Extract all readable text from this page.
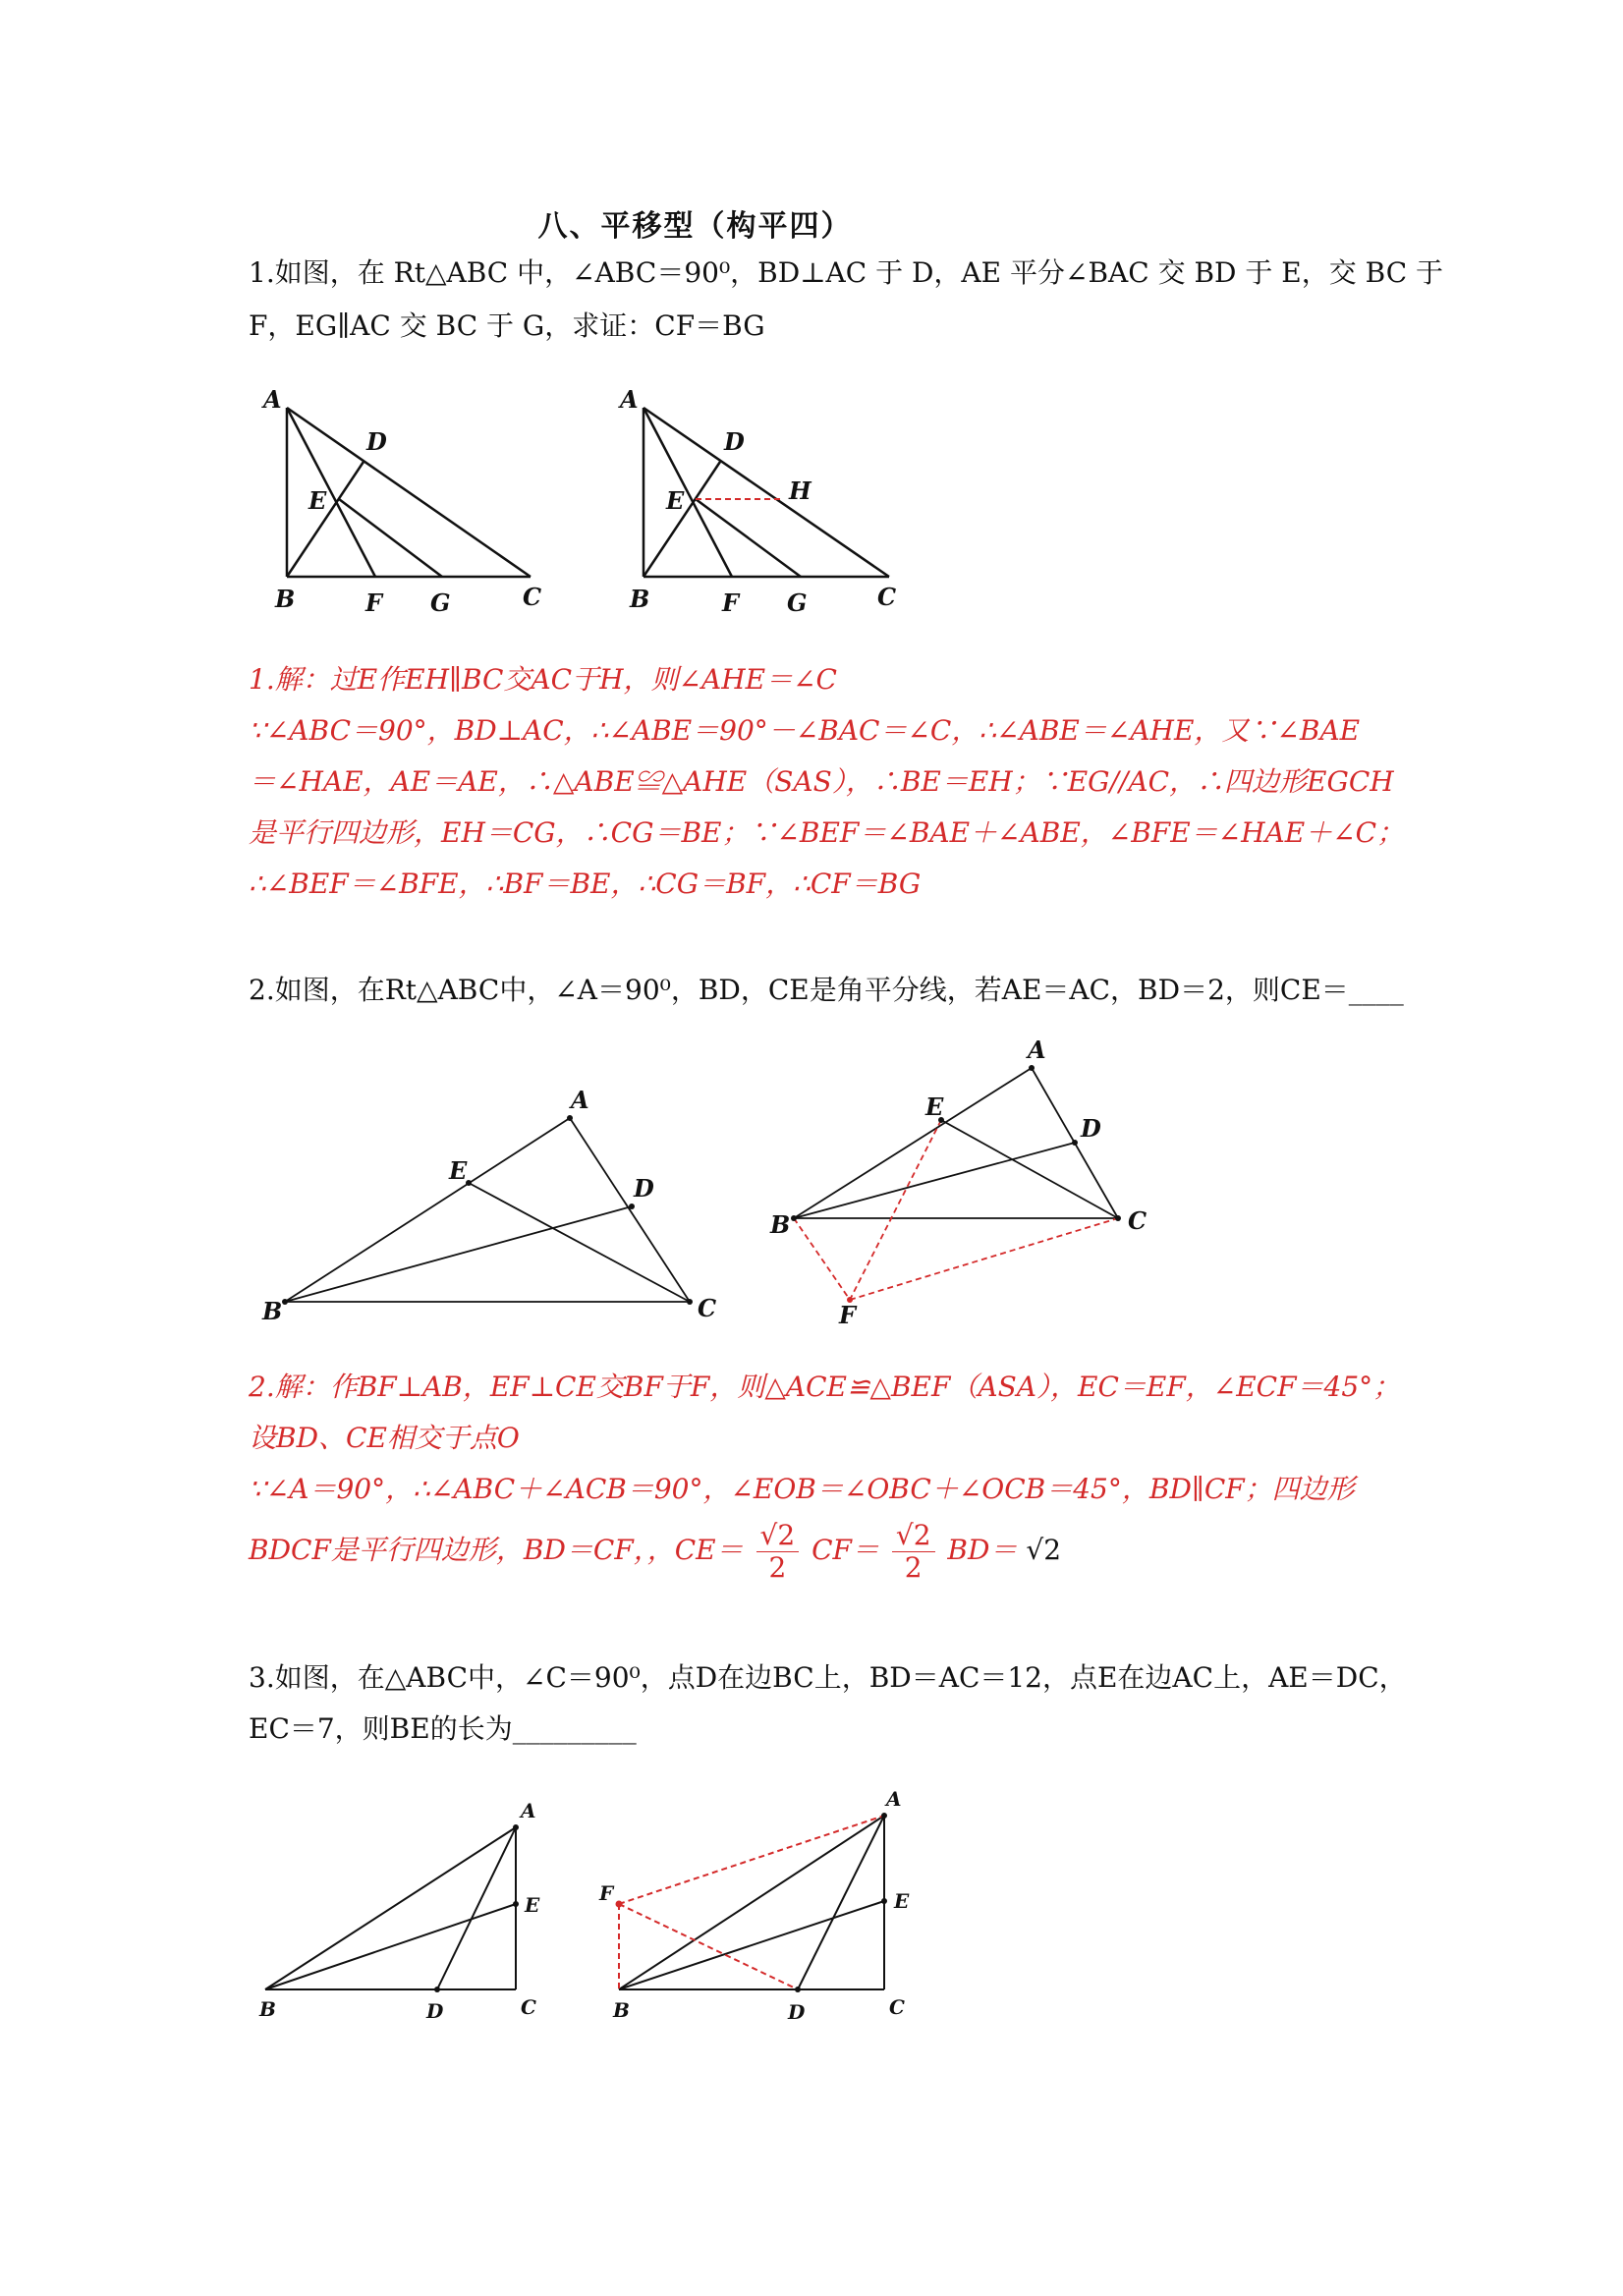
八、平移型（构平四）
1.如图，在 Rt△ABC 中，∠ABC＝90⁰，BD⊥AC 于 D，AE 平分∠BAC 交 BD 于 E，交 BC 于
F，EG∥AC 交 BC 于 G，求证：CF＝BG
A
D
E
B	F G	C
A
D
E	H
B	F G	C
1.解：过E作EH∥BC交AC于H，则∠AHE＝∠C
∵∠ABC＝90°，BD⊥AC，∴∠ABE＝90°－∠BAC＝∠C，∴∠ABE＝∠AHE，又∵∠BAE
＝∠HAE，AE＝AE，∴△ABE≌△AHE（SAS），∴BE＝EH；∵EG//AC，∴四边形EGCH
是平行四边形，EH＝CG，∴CG＝BE；∵∠BEF＝∠BAE＋∠ABE，∠BFE＝∠HAE＋∠C；
∴∠BEF＝∠BFE，∴BF＝BE，∴CG＝BF，∴CF＝BG
2.如图，在Rt△ABC中，∠A＝90⁰，BD，CE是角平分线，若AE＝AC，BD＝2，则CE＝____
A
E
D
B	C
A
E
D
B	C
F
2.解：作BF⊥AB，EF⊥CE交BF于F，则△ACE≌△BEF（ASA），EC＝EF，∠ECF＝45°；
设BD、CE相交于点O
∵∠A＝90°，∴∠ABC＋∠ACB＝90°，∠EOB＝∠OBC＋∠OCB＝45°，BD∥CF；四边形
BDCF是平行四边形，BD＝CF，，$CE= \frac{√2}{2} CF= \frac{√2}{2} BD= √2$
3.如图，在△ABC中，∠C＝90⁰，点D在边BC上，BD＝AC＝12，点E在边AC上，AE＝DC，
EC＝7，则BE的长为_________
A
E
B	D	C
A
F	E
B	D	C
